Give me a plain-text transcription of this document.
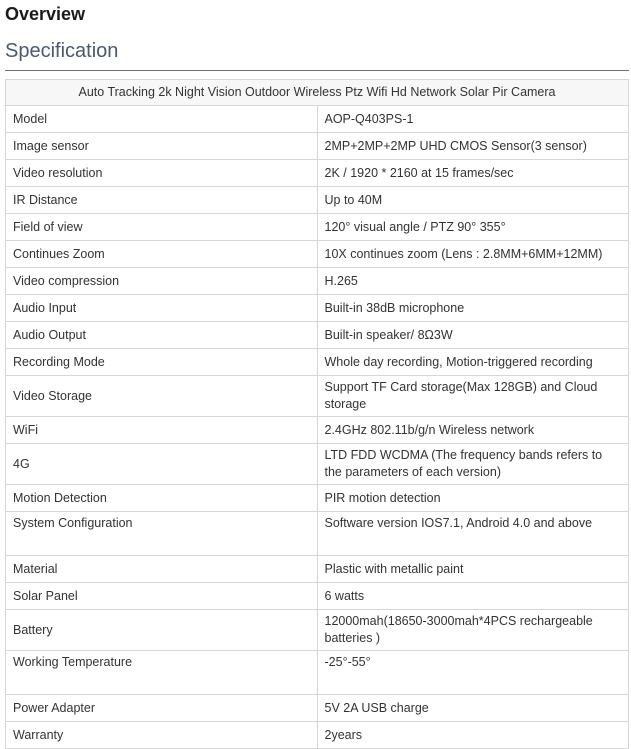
Overview
Specification
Auto Tracking 2k Night Vision Outdoor Wireless Ptz Wifi Hd Network Solar Pir Camera	
Model	AOP-Q403PS-1
Image sensor	2MP+2MP+2MP UHD CMOS Sensor(3 sensor)
Video resolution	2K / 1920 * 2160 at 15 frames/sec
IR Distance	Up to 40M
Field of view	120° visual angle / PTZ 90° 355°
Continues Zoom	10X continues zoom (Lens : 2.8MM+6MM+12MM)
Video compression	H.265
Audio Input	Built-in 38dB microphone
Audio Output	Built-in speaker/ 8Ω3W
Recording Mode	Whole day recording, Motion-triggered recording
Video Storage	Support TF Card storage(Max 128GB) and Cloud storage
WiFi	2.4GHz 802.11b/g/n Wireless network
4G	LTD FDD WCDMA (The frequency bands refers to the parameters of each version)
Motion Detection	PIR motion detection
System Configuration	Software version IOS7.1, Android 4.0 and above
Material	Plastic with metallic paint
Solar Panel	6 watts
Battery	12000mah(18650-3000mah*4PCS rechargeable batteries )
Working Temperature	-25°-55°
Power Adapter	5V 2A USB charge
Warranty	2years
